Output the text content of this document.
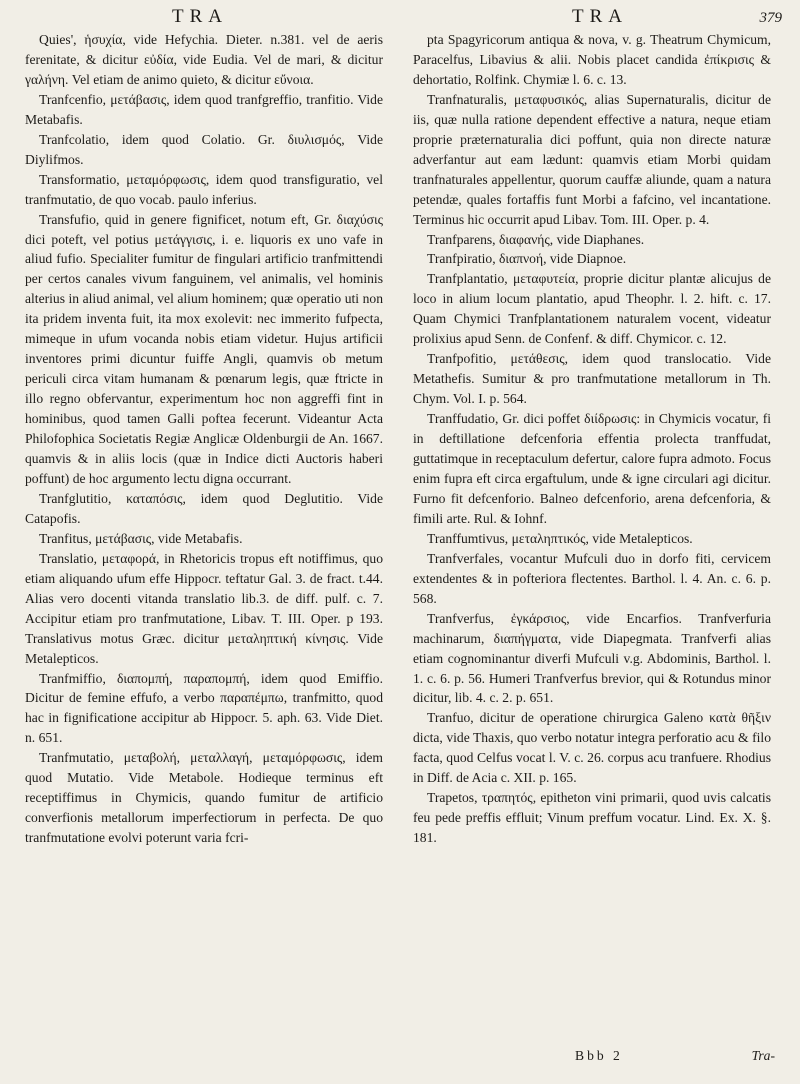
TRA	TRA	379

Quies', ἡσυχία, vide Hefychia. Dieter. n.381. vel de aeris ferenitate, & dicitur εὐδία, vide Eudia. Vel de mari, & dicitur γαλήνη. Vel etiam de animo quieto, & dicitur εὔνοια.

Tranfcenfio, μετάβασις, idem quod tranfgreffio, tranfitio. Vide Metabafis.

Tranfcolatio, idem quod Colatio. Gr. διυλισμός, Vide Diylifmos.

Transformatio, μεταμόρφωσις, idem quod transfiguratio, vel tranfmutatio, de quo vocab. paulo inferius.

Transfufio, quid in genere fignificet, notum eft, Gr. διαχύσις dici poteft, vel potius μετάγγισις, i. e. liquoris ex uno vafe in aliud fufio. Specialiter fumitur de fingulari artificio tranfmittendi per certos canales vivum fanguinem, vel animalis, vel hominis alterius in aliud animal, vel alium hominem; quæ operatio uti non ita pridem inventa fuit, ita mox exolevit: nec immerito fufpecta, mimeque in ufum vocanda nobis etiam videtur. Hujus artificii inventores primi dicuntur fuiffe Angli, quamvis ob metum periculi circa vitam humanam & pœnarum legis, quæ ftricte in illo regno obfervantur, experimentum hoc non aggreffi fint in hominibus, quod tamen Galli poftea fecerunt. Videantur Acta Philofophica Societatis Regiæ Anglicæ Oldenburgii de An. 1667. quamvis & in aliis locis (quæ in Indice dicti Auctoris haberi poffunt) de hoc argumento lectu digna occurrant.

Tranfglutitio, καταπόσις, idem quod Deglutitio. Vide Catapofis.

Tranfitus, μετάβασις, vide Metabafis.

Translatio, μεταφορά, in Rhetoricis tropus eft notiffimus, quo etiam aliquando ufum effe Hippocr. teftatur Gal. 3. de fract. t.44. Alias vero docenti vitanda translatio lib.3. de diff. pulf. c. 7. Accipitur etiam pro tranfmutatione, Libav. T. III. Oper. p 193. Translativus motus Græc. dicitur μεταληπτική κίνησις. Vide Metalepticos.

Tranfmiffio, διαπομπή, παραπομπή, idem quod Emiffio. Dicitur de femine effufo, a verbo παραπέμπω, tranfmitto, quod hac in fignificatione accipitur ab Hippocr. 5. aph. 63. Vide Diet. n. 651.

Tranfmutatio, μεταβολή, μεταλλαγή, μεταμόρφωσις, idem quod Mutatio. Vide Metabole. Hodieque terminus eft receptiffimus in Chymicis, quando fumitur de artificio converfionis metallorum imperfectiorum in perfecta. De quo tranfmutatione evolvi poterunt varia fcri-

pta Spagyricorum antiqua & nova, v. g. Theatrum Chymicum, Paracelfus, Libavius & alii. Nobis placet candida ἐπίκρισις & dehortatio, Rolfink. Chymiæ l. 6. c. 13.

Tranfnaturalis, μεταφυσικός, alias Supernaturalis, dicitur de iis, quæ nulla ratione dependent effective a natura, neque etiam proprie præternaturalia dici poffunt, quia non directe naturæ adverfantur aut eam lædunt: quamvis etiam Morbi quidam tranfnaturales appellentur, quorum cauffæ aliunde, quam a natura petendæ, quales fortaffis funt Morbi a fafcino, vel incantatione. Terminus hic occurrit apud Libav. Tom. III. Oper. p. 4.

Tranfparens, διαφανής, vide Diaphanes.

Tranfpiratio, διαπνοή, vide Diapnoe.

Tranfplantatio, μεταφυτεία, proprie dicitur plantæ alicujus de loco in alium locum plantatio, apud Theophr. l. 2. hift. c. 17. Quam Chymici Tranfplantationem naturalem vocent, videatur prolixius apud Senn. de Confenf. & diff. Chymicor. c. 12.

Tranfpofitio, μετάθεσις, idem quod translocatio. Vide Metathefis. Sumitur & pro tranfmutatione metallorum in Th. Chym. Vol. I. p. 564.

Tranffudatio, Gr. dici poffet διίδρωσις: in Chymicis vocatur, fi in deftillatione defcenforia effentia prolecta tranffudat, guttatimque in receptaculum defertur, calore fupra admoto. Focus enim fupra eft circa ergaftulum, unde & igne circulari agi dicitur. Furno fit defcenforio. Balneo defcenforio, arena defcenforia, & fimili arte. Rul. & Iohnf.

Tranffumtivus, μεταληπτικός, vide Metalepticos.

Tranfverfales, vocantur Mufculi duo in dorfo fiti, cervicem extendentes & in pofteriora flectentes. Barthol. l. 4. An. c. 6. p. 568.

Tranfverfus, ἐγκάρσιος, vide Encarfios. Tranfverfuria machinarum, διαπήγματα, vide Diapegmata. Tranfverfi alias etiam cognominantur diverfi Mufculi v.g. Abdominis, Barthol. l. 1. c. 6. p. 56. Humeri Tranfverfus brevior, qui & Rotundus minor dicitur, lib. 4. c. 2. p. 651.

Tranfuo, dicitur de operatione chirurgica Galeno κατὰ θῆξιν dicta, vide Thaxis, quo verbo notatur integra perforatio acu & filo facta, quod Celfus vocat l. V. c. 26. corpus acu tranfuere. Rhodius in Diff. de Acia c. XII. p. 165.

Trapetos, τραπητός, epitheton vini primarii, quod uvis calcatis feu pede preffis effluit; Vinum preffum vocatur. Lind. Ex. X. §. 181.

Bbb 2	Tra-
